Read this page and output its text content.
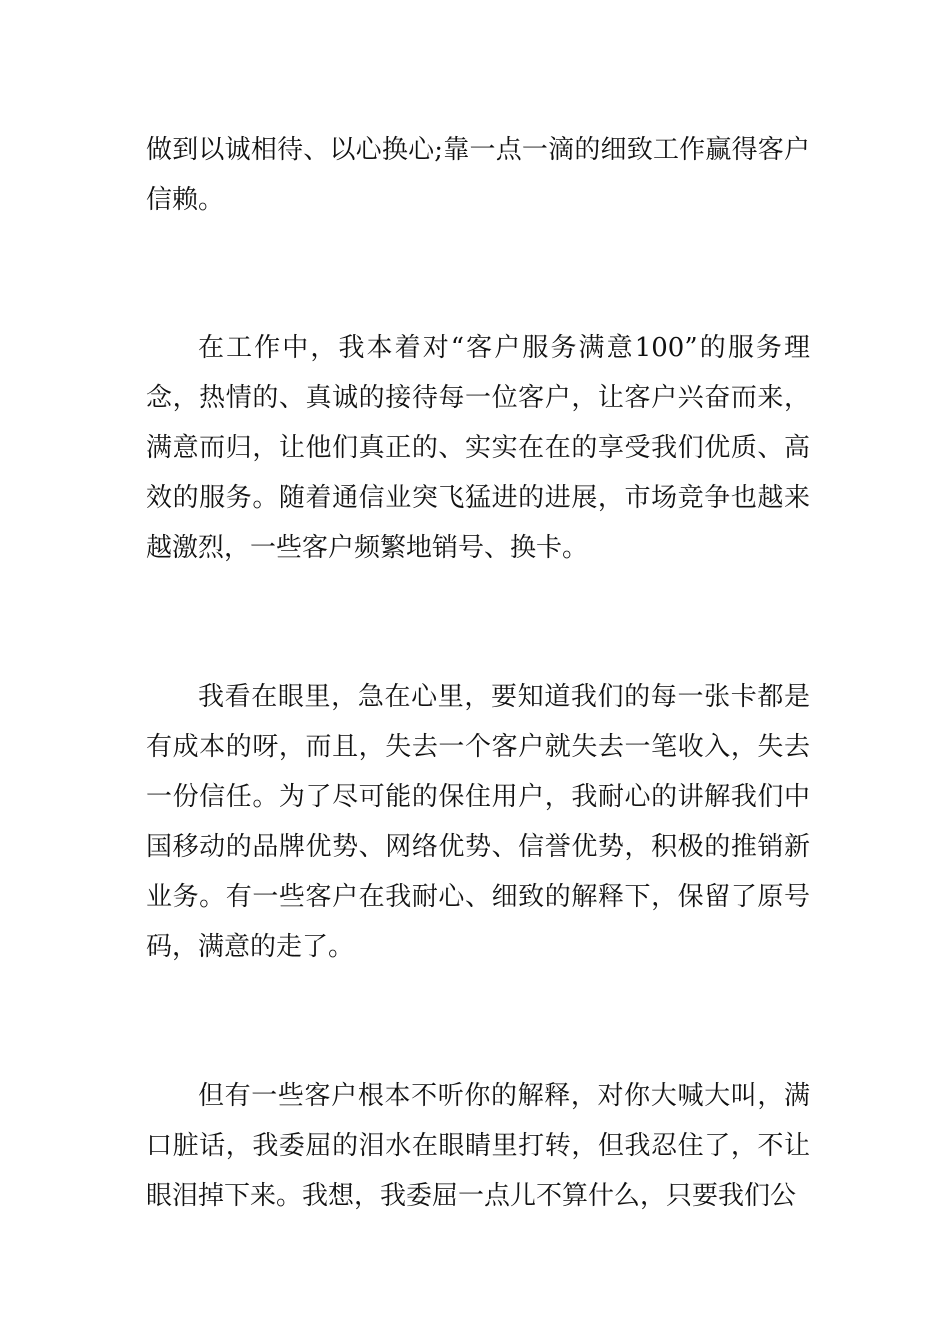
做到以诚相待、以心换心;靠一点一滴的细致工作赢得客户信赖。

在工作中，我本着对“客户服务满意100”的服务理念，热情的、真诚的接待每一位客户，让客户兴奋而来，满意而归，让他们真正的、实实在在的享受我们优质、高效的服务。随着通信业突飞猛进的进展，市场竞争也越来越激烈，一些客户频繁地销号、换卡。

我看在眼里，急在心里，要知道我们的每一张卡都是有成本的呀，而且，失去一个客户就失去一笔收入，失去一份信任。为了尽可能的保住用户，我耐心的讲解我们中国移动的品牌优势、网络优势、信誉优势，积极的推销新业务。有一些客户在我耐心、细致的解释下，保留了原号码，满意的走了。

但有一些客户根本不听你的解释，对你大喊大叫，满口脏话，我委屈的泪水在眼睛里打转，但我忍住了，不让眼泪掉下来。我想，我委屈一点儿不算什么，只要我们公
